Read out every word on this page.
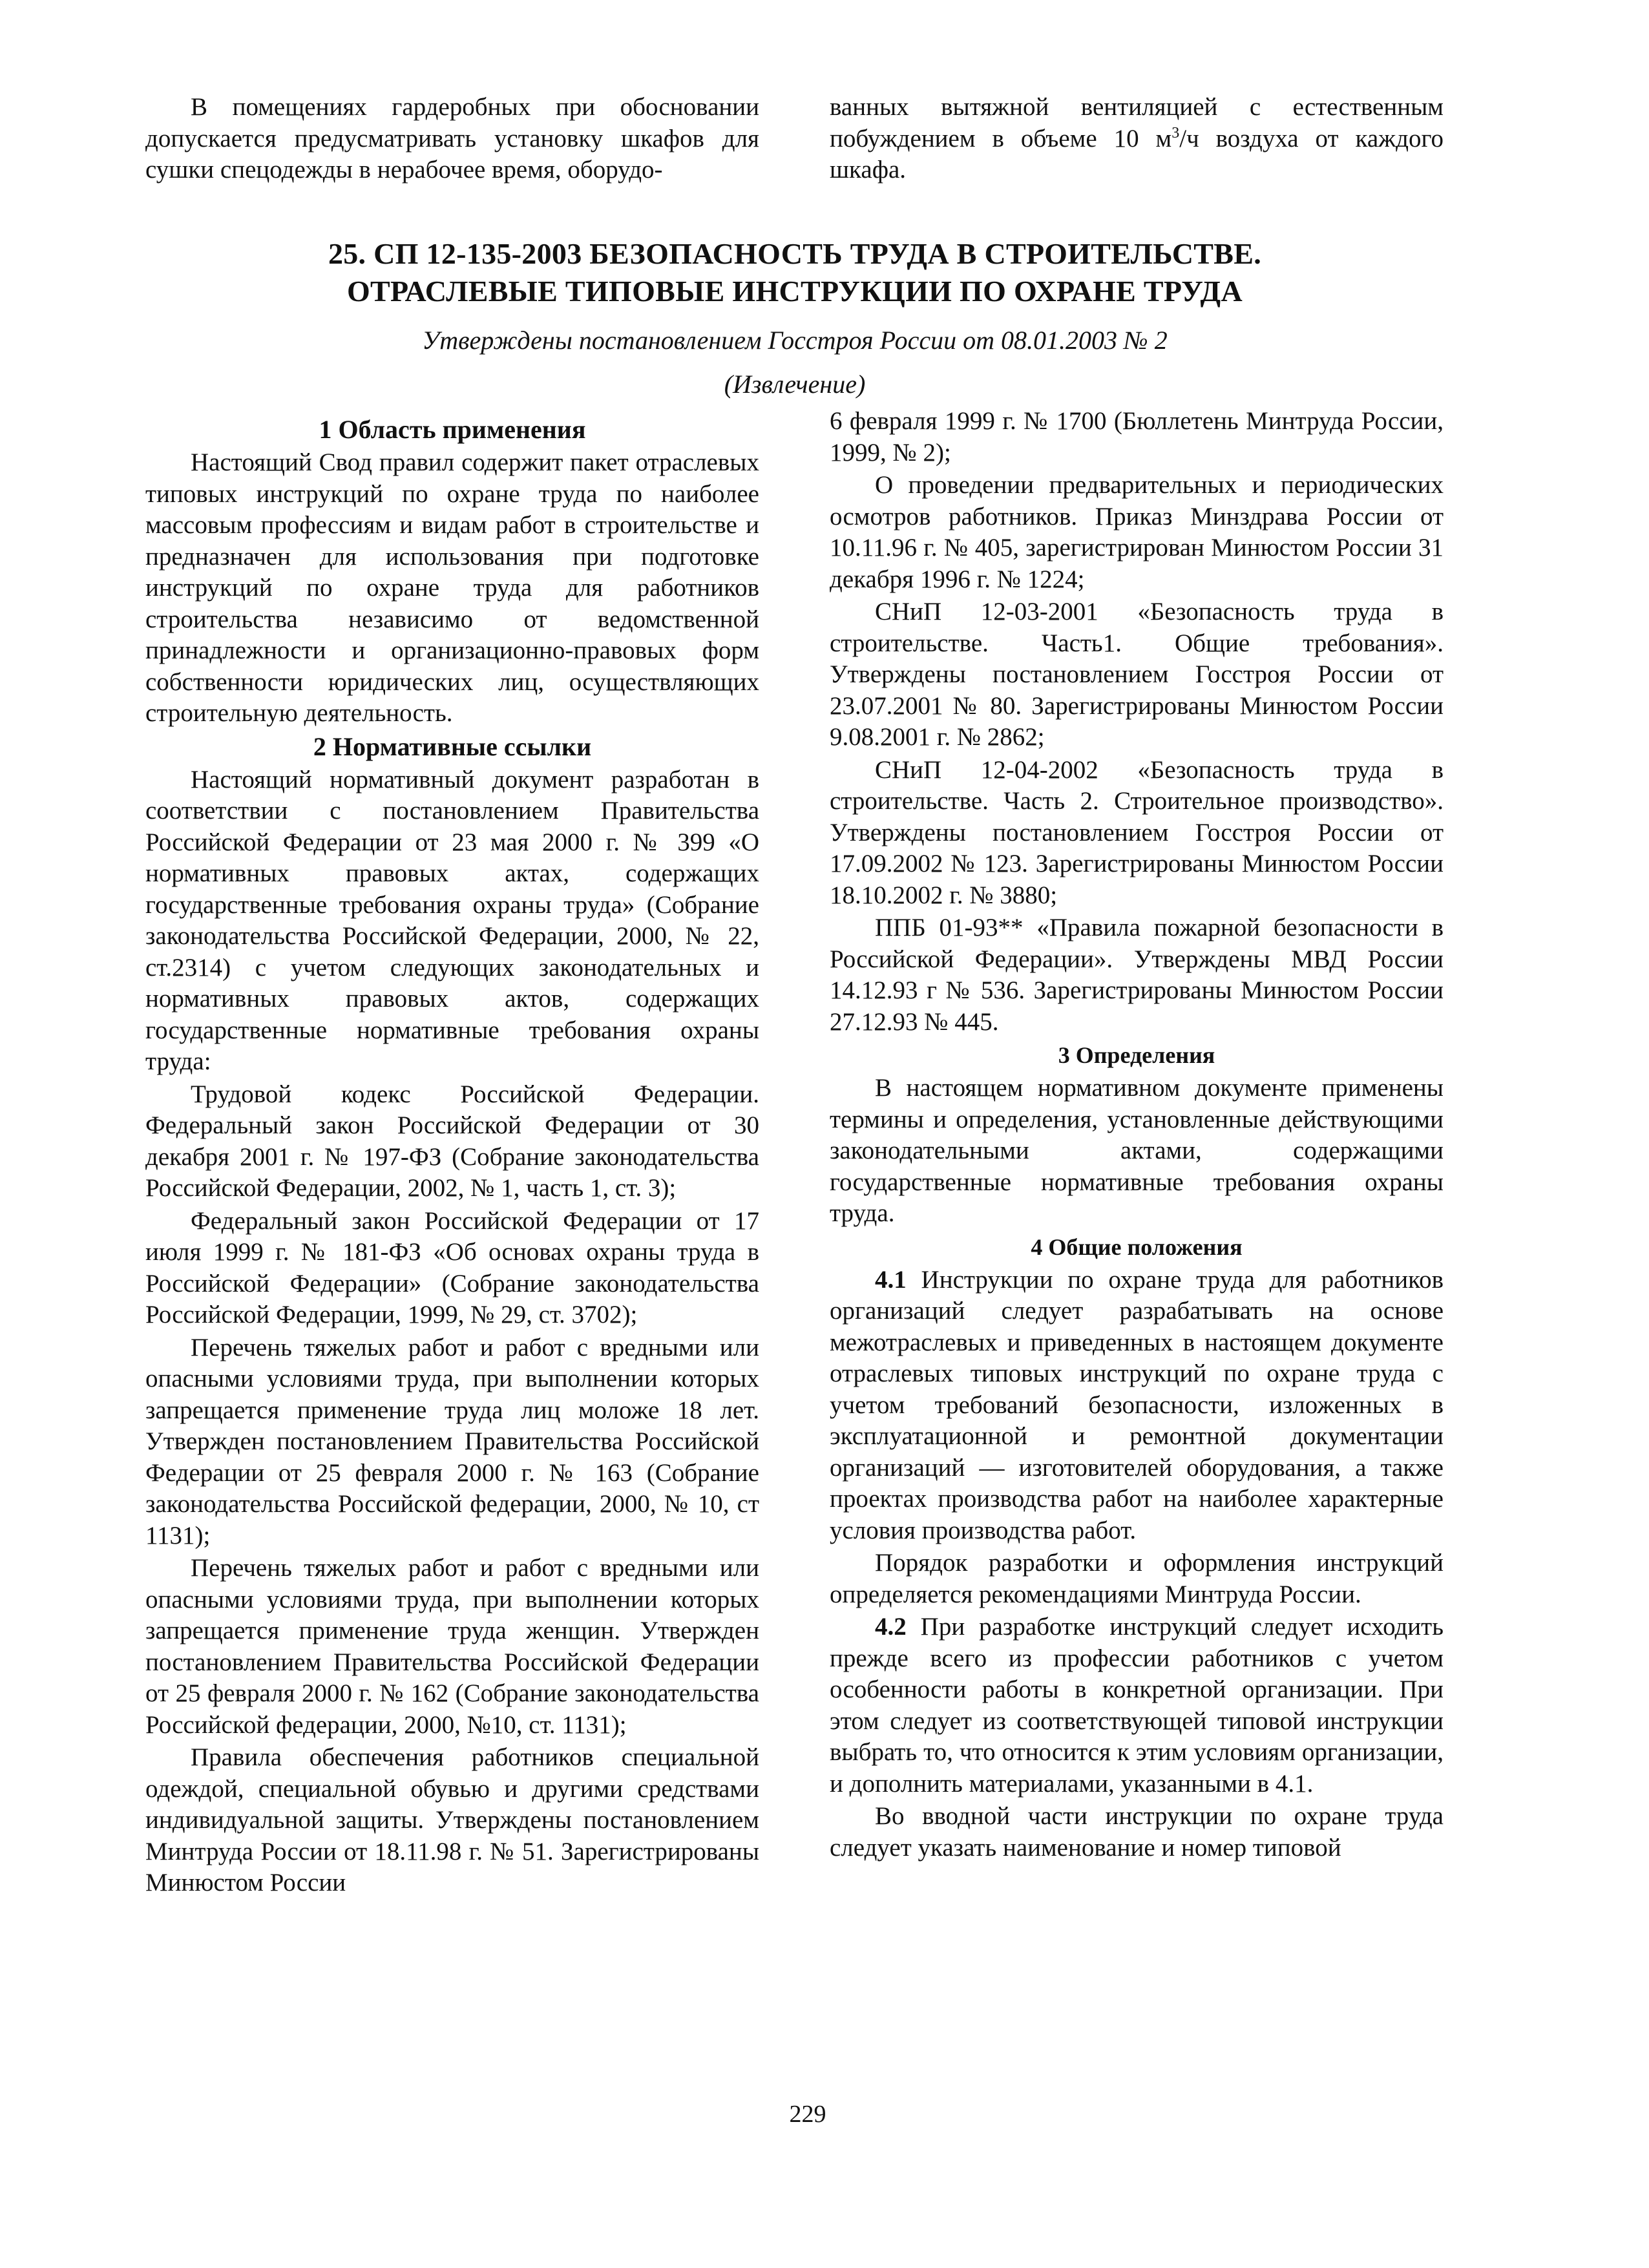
В помещениях гардеробных при обосновании допускается предусматривать установку шкафов для сушки спецодежды в нерабочее время, оборудо-

ванных вытяжной вентиляцией с естественным побуждением в объеме 10 $м^3/ч$ воздуха от каждого шкафа.

25. СП 12-135-2003 БЕЗОПАСНОСТЬ ТРУДА В СТРОИТЕЛЬСТВЕ.
ОТРАСЛЕВЫЕ ТИПОВЫЕ ИНСТРУКЦИИ ПО ОХРАНЕ ТРУДА
Утверждены постановлением Госстроя России от 08.01.2003 № 2
(Извлечение)

1 Область применения

Настоящий Свод правил содержит пакет отраслевых типовых инструкций по охране труда по наиболее массовым профессиям и видам работ в строительстве и предназначен для использования при подготовке инструкций по охране труда для работников строительства независимо от ведомственной принадлежности и организационно-правовых форм собственности юридических лиц, осуществляющих строительную деятельность.

2 Нормативные ссылки

Настоящий нормативный документ разработан в соответствии с постановлением Правительства Российской Федерации от 23 мая 2000 г. № 399 «О нормативных правовых актах, содержащих государственные требования охраны труда» (Собрание законодательства Российской Федерации, 2000, № 22, ст.2314) с учетом следующих законодательных и нормативных правовых актов, содержащих государственные нормативные требования охраны труда:

Трудовой кодекс Российской Федерации. Федеральный закон Российской Федерации от 30 декабря 2001 г. № 197-ФЗ (Собрание законодательства Российской Федерации, 2002, № 1, часть 1, ст. 3);

Федеральный закон Российской Федерации от 17 июля 1999 г. № 181-ФЗ «Об основах охраны труда в Российской Федерации» (Собрание законодательства Российской Федерации, 1999, № 29, ст. 3702);

Перечень тяжелых работ и работ с вредными или опасными условиями труда, при выполнении которых запрещается применение труда лиц моложе 18 лет. Утвержден постановлением Правительства Российской Федерации от 25 февраля 2000 г. № 163 (Собрание законодательства Российской федерации, 2000, № 10, ст 1131);

Перечень тяжелых работ и работ с вредными или опасными условиями труда, при выполнении которых запрещается применение труда женщин. Утвержден постановлением Правительства Российской Федерации от 25 февраля 2000 г. № 162 (Собрание законодательства Российской федерации, 2000, №10, ст. 1131);

Правила обеспечения работников специальной одеждой, специальной обувью и другими средствами индивидуальной защиты. Утверждены постановлением Минтруда России от 18.11.98 г. № 51. Зарегистрированы Минюстом России

6 февраля 1999 г. № 1700 (Бюллетень Минтруда России, 1999, № 2);

О проведении предварительных и периодических осмотров работников. Приказ Минздрава России от 10.11.96 г. № 405, зарегистрирован Минюстом России 31 декабря 1996 г. № 1224;

СНиП 12-03-2001 «Безопасность труда в строительстве. Часть1. Общие требования». Утверждены постановлением Госстроя России от 23.07.2001 № 80. Зарегистрированы Минюстом России 9.08.2001 г. № 2862;

СНиП 12-04-2002 «Безопасность труда в строительстве. Часть 2. Строительное производство». Утверждены постановлением Госстроя России от 17.09.2002 № 123. Зарегистрированы Минюстом России 18.10.2002 г. № 3880;

ППБ 01-93** «Правила пожарной безопасности в Российской Федерации». Утверждены МВД России 14.12.93 г № 536. Зарегистрированы Минюстом России 27.12.93 № 445.

3 Определения

В настоящем нормативном документе применены термины и определения, установленные действующими законодательными актами, содержащими государственные нормативные требования охраны труда.

4 Общие положения

4.1 Инструкции по охране труда для работников организаций следует разрабатывать на основе межотраслевых и приведенных в настоящем документе отраслевых типовых инструкций по охране труда с учетом требований безопасности, изложенных в эксплуатационной и ремонтной документации организаций — изготовителей оборудования, а также проектах производства работ на наиболее характерные условия производства работ.

Порядок разработки и оформления инструкций определяется рекомендациями Минтруда России.

4.2 При разработке инструкций следует исходить прежде всего из профессии работников с учетом особенности работы в конкретной организации. При этом следует из соответствующей типовой инструкции выбрать то, что относится к этим условиям организации, и дополнить материалами, указанными в 4.1.

Во вводной части инструкции по охране труда следует указать наименование и номер типовой

229
